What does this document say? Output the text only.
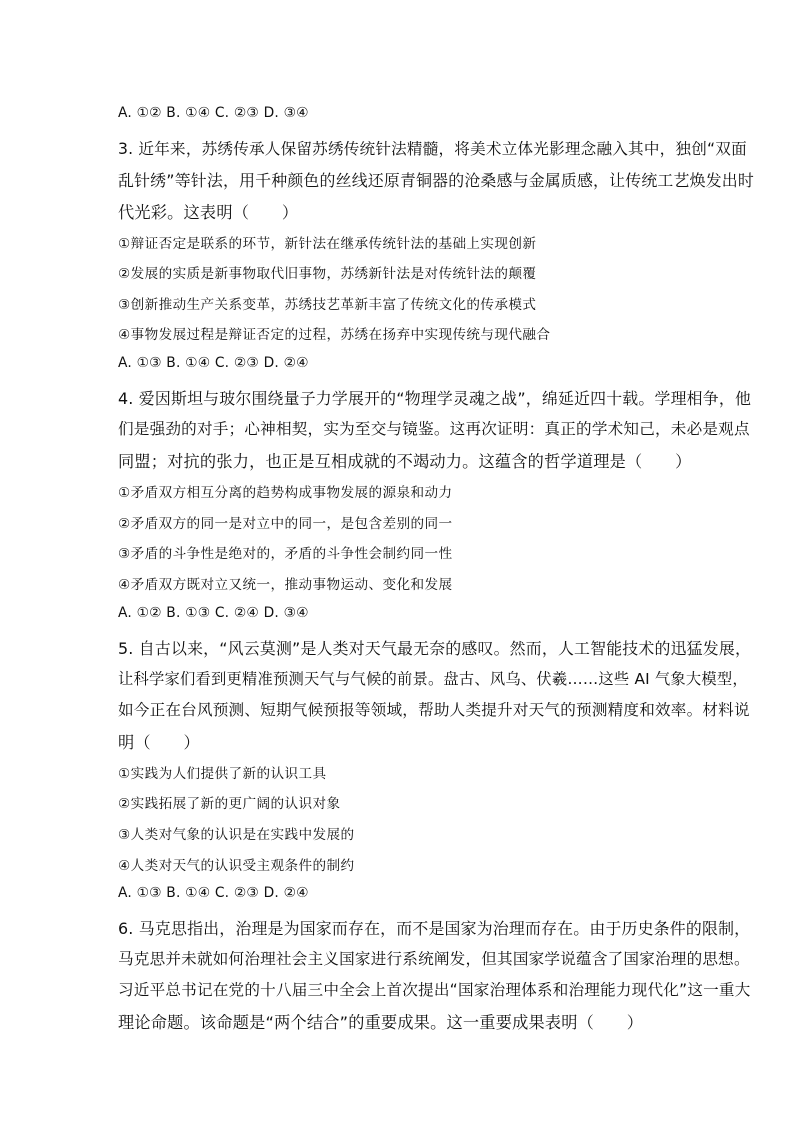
A. ①② B. ①④ C. ②③ D. ③④
3. 近年来，苏绣传承人保留苏绣传统针法精髓，将美术立体光影理念融入其中，独创“双面
乱针绣”等针法，用千种颜色的丝线还原青铜器的沧桑感与金属质感，让传统工艺焕发出时
代光彩。这表明（　　）
①辩证否定是联系的环节，新针法在继承传统针法的基础上实现创新
②发展的实质是新事物取代旧事物，苏绣新针法是对传统针法的颠覆
③创新推动生产关系变革，苏绣技艺革新丰富了传统文化的传承模式
④事物发展过程是辩证否定的过程，苏绣在扬弃中实现传统与现代融合
A. ①③ B. ①④ C. ②③ D. ②④
4. 爱因斯坦与玻尔围绕量子力学展开的“物理学灵魂之战”，绵延近四十载。学理相争，他
们是强劲的对手；心神相契，实为至交与镜鉴。这再次证明：真正的学术知己，未必是观点
同盟；对抗的张力，也正是互相成就的不竭动力。这蕴含的哲学道理是（　　）
①矛盾双方相互分离的趋势构成事物发展的源泉和动力
②矛盾双方的同一是对立中的同一，是包含差别的同一
③矛盾的斗争性是绝对的，矛盾的斗争性会制约同一性
④矛盾双方既对立又统一，推动事物运动、变化和发展
A. ①② B. ①③ C. ②④ D. ③④
5. 自古以来，“风云莫测”是人类对天气最无奈的感叹。然而，人工智能技术的迅猛发展，
让科学家们看到更精准预测天气与气候的前景。盘古、风乌、伏羲……这些 AI 气象大模型，
如今正在台风预测、短期气候预报等领域，帮助人类提升对天气的预测精度和效率。材料说
明（　　）
①实践为人们提供了新的认识工具
②实践拓展了新的更广阔的认识对象
③人类对气象的认识是在实践中发展的
④人类对天气的认识受主观条件的制约
A. ①③ B. ①④ C. ②③ D. ②④
6. 马克思指出，治理是为国家而存在，而不是国家为治理而存在。由于历史条件的限制，
马克思并未就如何治理社会主义国家进行系统阐发，但其国家学说蕴含了国家治理的思想。
习近平总书记在党的十八届三中全会上首次提出“国家治理体系和治理能力现代化”这一重大
理论命题。该命题是“两个结合”的重要成果。这一重要成果表明（　　）
